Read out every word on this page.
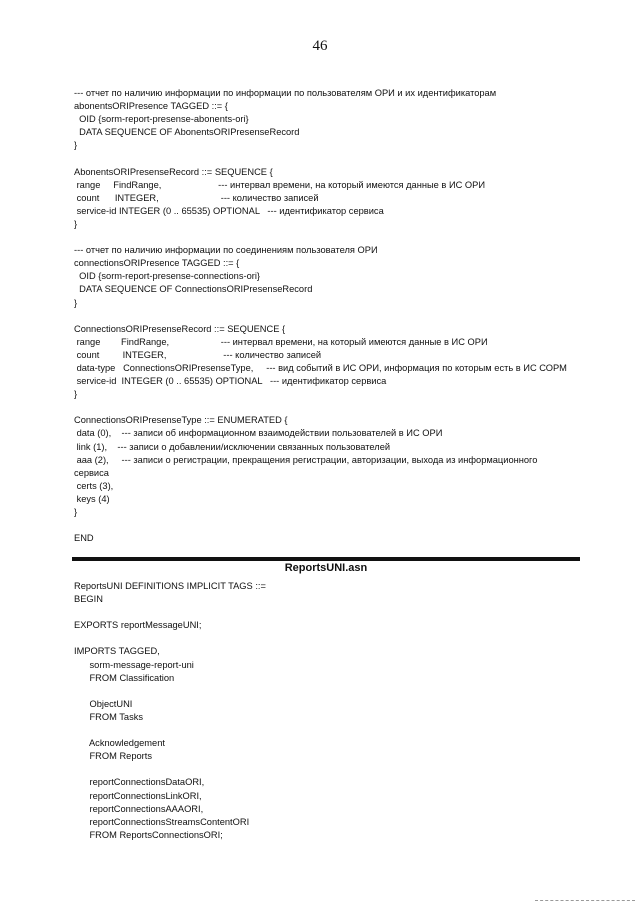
46
--- отчет по наличию информации по информации по пользователям ОРИ и их идентификаторам
abonentsORIPresence TAGGED ::= {
OID {sorm-report-presense-abonents-ori}
DATA SEQUENCE OF AbonentsORIPresenseRecord
}
AbonentsORIPresenseRecord ::= SEQUENCE {
range     FindRange,                      --- интервал времени, на который имеются данные в ИС ОРИ
count      INTEGER,                        --- количество записей
service-id INTEGER (0 .. 65535) OPTIONAL   --- идентификатор сервиса
}
--- отчет по наличию информации по соединениям пользователя ОРИ
connectionsORIPresence TAGGED ::= {
OID {sorm-report-presense-connections-ori}
DATA SEQUENCE OF ConnectionsORIPresenseRecord
}
ConnectionsORIPresenseRecord ::= SEQUENCE {
range        FindRange,                    --- интервал времени, на который имеются данные в ИС ОРИ
count         INTEGER,                      --- количество записей
data-type   ConnectionsORIPresenseType,     --- вид событий в ИС ОРИ, информация по которым есть в ИС СОРМ
service-id  INTEGER (0 .. 65535) OPTIONAL   --- идентификатор сервиса
}
ConnectionsORIPresenseType ::= ENUMERATED {
data (0),    --- записи об информационном взаимодействии пользователей в ИС ОРИ
link (1),    --- записи о добавлении/исключении связанных пользователей
aaa (2),     --- записи о регистрации, прекращения регистрации, авторизации, выхода из информационного
сервиса
certs (3),
keys (4)
}
END
ReportsUNI.asn
ReportsUNI DEFINITIONS IMPLICIT TAGS ::=
BEGIN
EXPORTS reportMessageUNI;
IMPORTS TAGGED,
sorm-message-report-uni
FROM Classification
ObjectUNI
FROM Tasks
Acknowledgement
FROM Reports
reportConnectionsDataORI,
reportConnectionsLinkORI,
reportConnectionsAAAORI,
reportConnectionsStreamsContentORI
FROM ReportsConnectionsORI;
